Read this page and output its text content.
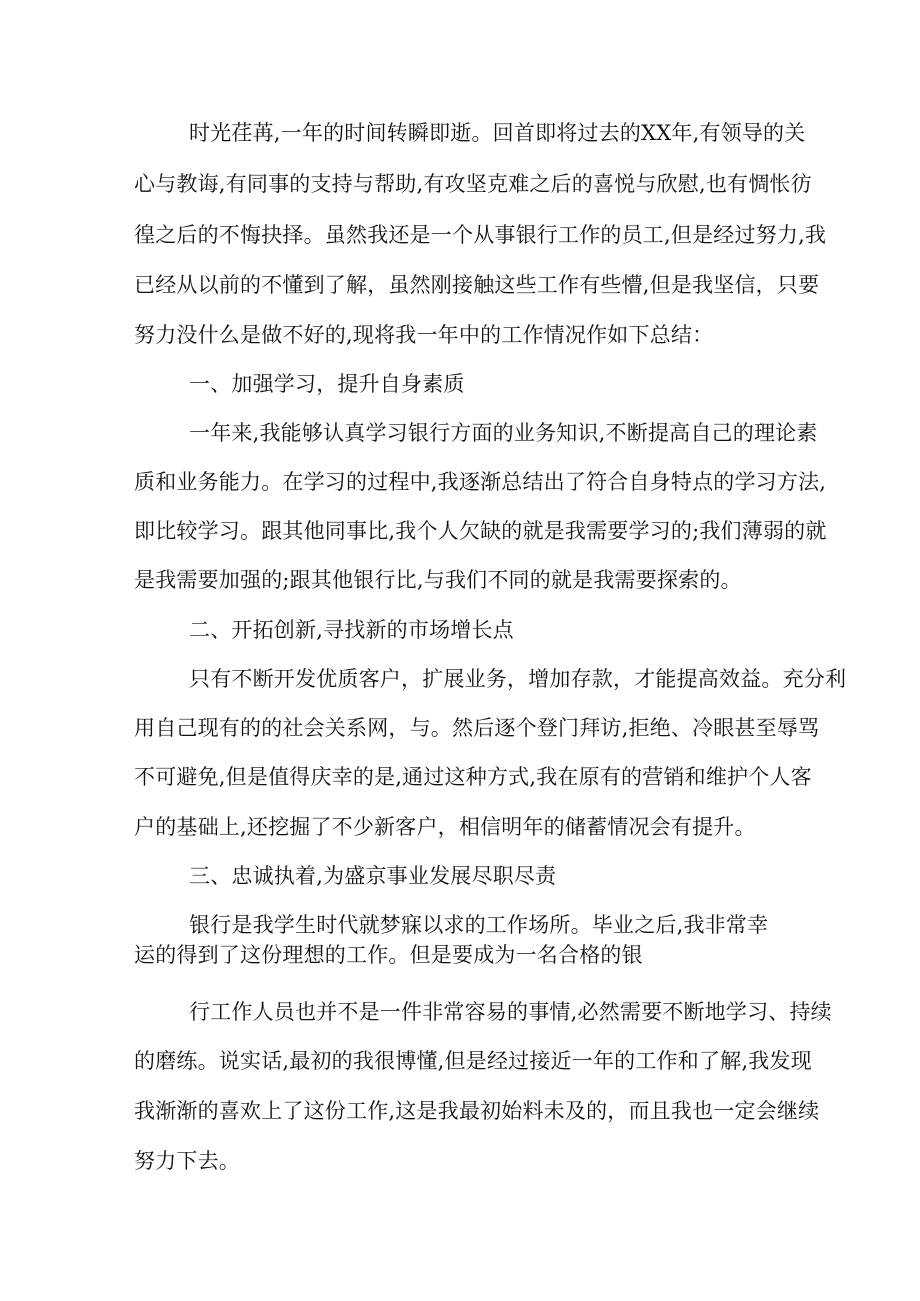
时光荏苒,一年的时间转瞬即逝。回首即将过去的XX年,有领导的关
心与教诲,有同事的支持与帮助,有攻坚克难之后的喜悦与欣慰,也有惆怅彷
徨之后的不悔抉择。虽然我还是一个从事银行工作的员工,但是经过努力,我
已经从以前的不懂到了解，虽然刚接触这些工作有些懵,但是我坚信，只要
努力没什么是做不好的,现将我一年中的工作情况作如下总结：
一、加强学习，提升自身素质
一年来,我能够认真学习银行方面的业务知识,不断提高自己的理论素
质和业务能力。在学习的过程中,我逐渐总结出了符合自身特点的学习方法,
即比较学习。跟其他同事比,我个人欠缺的就是我需要学习的;我们薄弱的就
是我需要加强的;跟其他银行比,与我们不同的就是我需要探索的。
二、开拓创新,寻找新的市场增长点
只有不断开发优质客户，扩展业务，增加存款，才能提高效益。充分利
用自己现有的的社会关系网，与。然后逐个登门拜访,拒绝、冷眼甚至辱骂
不可避免,但是值得庆幸的是,通过这种方式,我在原有的营销和维护个人客
户的基础上,还挖掘了不少新客户，相信明年的储蓄情况会有提升。
三、忠诚执着,为盛京事业发展尽职尽责
银行是我学生时代就梦寐以求的工作场所。毕业之后,我非常幸
运的得到了这份理想的工作。但是要成为一名合格的银
行工作人员也并不是一件非常容易的事情,必然需要不断地学习、持续
的磨练。说实话,最初的我很博懂,但是经过接近一年的工作和了解,我发现
我渐渐的喜欢上了这份工作,这是我最初始料未及的，而且我也一定会继续
努力下去。
